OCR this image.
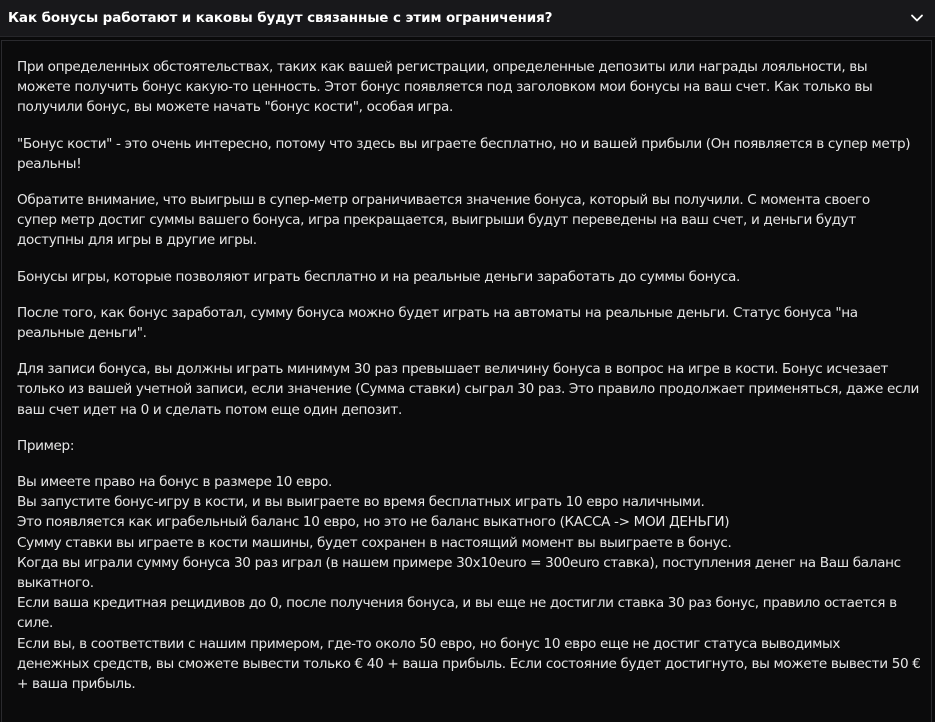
Как бонусы работают и каковы будут связанные с этим ограничения?
При определенных обстоятельствах, таких как вашей регистрации, определенные депозиты или награды лояльности, вы
можете получить бонус какую-то ценность. Этот бонус появляется под заголовком мои бонусы на ваш счет. Как только вы
получили бонус, вы можете начать "бонус кости", особая игра.
"Бонус кости" - это очень интересно, потому что здесь вы играете бесплатно, но и вашей прибыли (Он появляется в супер метр)
реальны!
Обратите внимание, что выигрыш в супер-метр ограничивается значение бонуса, который вы получили. С момента своего
супер метр достиг суммы вашего бонуса, игра прекращается, выигрыши будут переведены на ваш счет, и деньги будут
доступны для игры в другие игры.
Бонусы игры, которые позволяют играть бесплатно и на реальные деньги заработать до суммы бонуса.
После того, как бонус заработал, сумму бонуса можно будет играть на автоматы на реальные деньги. Статус бонуса "на
реальные деньги".
Для записи бонуса, вы должны играть минимум 30 раз превышает величину бонуса в вопрос на игре в кости. Бонус исчезает
только из вашей учетной записи, если значение (Сумма ставки) сыграл 30 раз. Это правило продолжает применяться, даже если
ваш счет идет на 0 и сделать потом еще один депозит.
Пример:
Вы имеете право на бонус в размере 10 евро.
Вы запустите бонус-игру в кости, и вы выиграете во время бесплатных играть 10 евро наличными.
Это появляется как играбельный баланс 10 евро, но это не баланс выкатного (КАССА -> МОИ ДЕНЬГИ)
Сумму ставки вы играете в кости машины, будет сохранен в настоящий момент вы выиграете в бонус.
Когда вы играли сумму бонуса 30 раз играл (в нашем примере 30x10euro = 300euro ставка), поступления денег на Ваш баланс
выкатного.
Если ваша кредитная рецидивов до 0, после получения бонуса, и вы еще не достигли ставка 30 раз бонус, правило остается в
силе.
Если вы, в соответствии с нашим примером, где-то около 50 евро, но бонус 10 евро еще не достиг статуса выводимых
денежных средств, вы сможете вывести только € 40 + ваша прибыль. Если состояние будет достигнуто, вы можете вывести 50 €
+ ваша прибыль.
